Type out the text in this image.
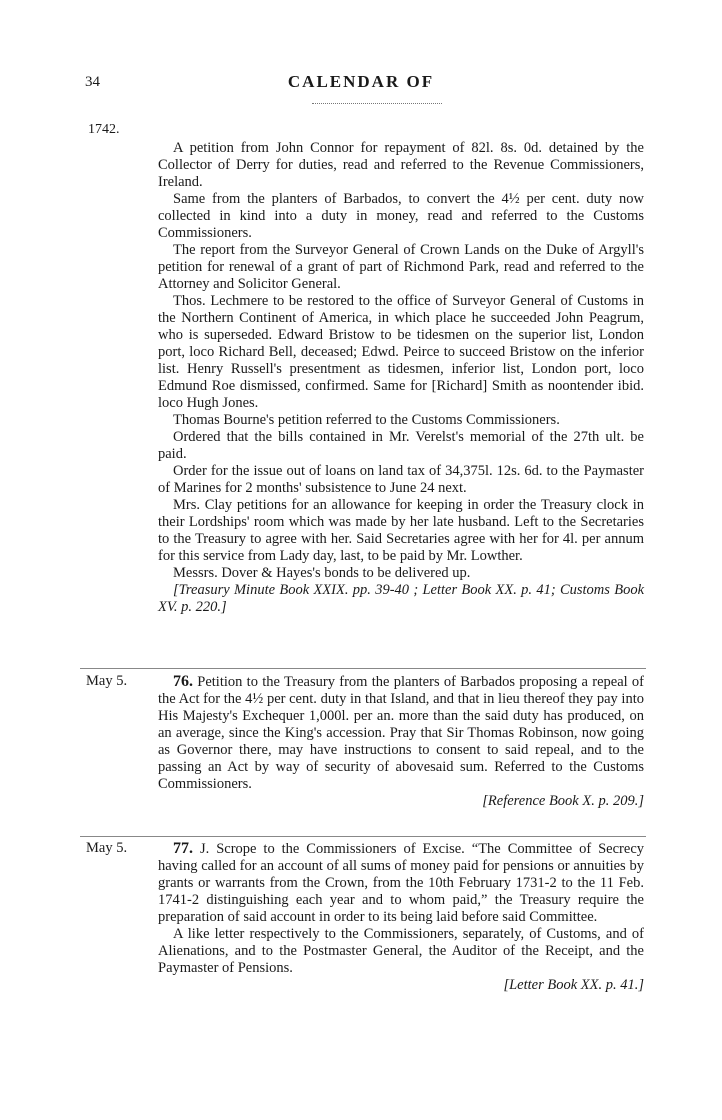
34	CALENDAR OF
1742.

A petition from John Connor for repayment of 82l. 8s. 0d. detained by the Collector of Derry for duties, read and referred to the Revenue Commissioners, Ireland.

Same from the planters of Barbados, to convert the 4½ per cent. duty now collected in kind into a duty in money, read and referred to the Customs Commissioners.

The report from the Surveyor General of Crown Lands on the Duke of Argyll's petition for renewal of a grant of part of Richmond Park, read and referred to the Attorney and Solicitor General.

Thos. Lechmere to be restored to the office of Surveyor General of Customs in the Northern Continent of America, in which place he succeeded John Peagrum, who is superseded. Edward Bristow to be tidesmen on the superior list, London port, loco Richard Bell, deceased; Edwd. Peirce to succeed Bristow on the inferior list. Henry Russell's presentment as tidesmen, inferior list, London port, loco Edmund Roe dismissed, confirmed. Same for [Richard] Smith as noontender ibid. loco Hugh Jones.

Thomas Bourne's petition referred to the Customs Commissioners.

Ordered that the bills contained in Mr. Verelst's memorial of the 27th ult. be paid.

Order for the issue out of loans on land tax of 34,375l. 12s. 6d. to the Paymaster of Marines for 2 months' subsistence to June 24 next.

Mrs. Clay petitions for an allowance for keeping in order the Treasury clock in their Lordships' room which was made by her late husband. Left to the Secretaries to the Treasury to agree with her. Said Secretaries agree with her for 4l. per annum for this service from Lady day, last, to be paid by Mr. Lowther.

Messrs. Dover & Hayes's bonds to be delivered up.

[Treasury Minute Book XXIX. pp. 39-40 ; Letter Book XX. p. 41; Customs Book XV. p. 220.]

May 5.	76. Petition to the Treasury from the planters of Barbados proposing a repeal of the Act for the 4½ per cent. duty in that Island, and that in lieu thereof they pay into His Majesty's Exchequer 1,000l. per an. more than the said duty has produced, on an average, since the King's accession. Pray that Sir Thomas Robinson, now going as Governor there, may have instructions to consent to said repeal, and to the passing an Act by way of security of abovesaid sum. Referred to the Customs Commissioners.

[Reference Book X. p. 209.]

May 5.	77. J. Scrope to the Commissioners of Excise. “The Committee of Secrecy having called for an account of all sums of money paid for pensions or annuities by grants or warrants from the Crown, from the 10th February 1731-2 to the 11 Feb. 1741-2 distinguishing each year and to whom paid,” the Treasury require the preparation of said account in order to its being laid before said Committee.

A like letter respectively to the Commissioners, separately, of Customs, and of Alienations, and to the Postmaster General, the Auditor of the Receipt, and the Paymaster of Pensions.

[Letter Book XX. p. 41.]
